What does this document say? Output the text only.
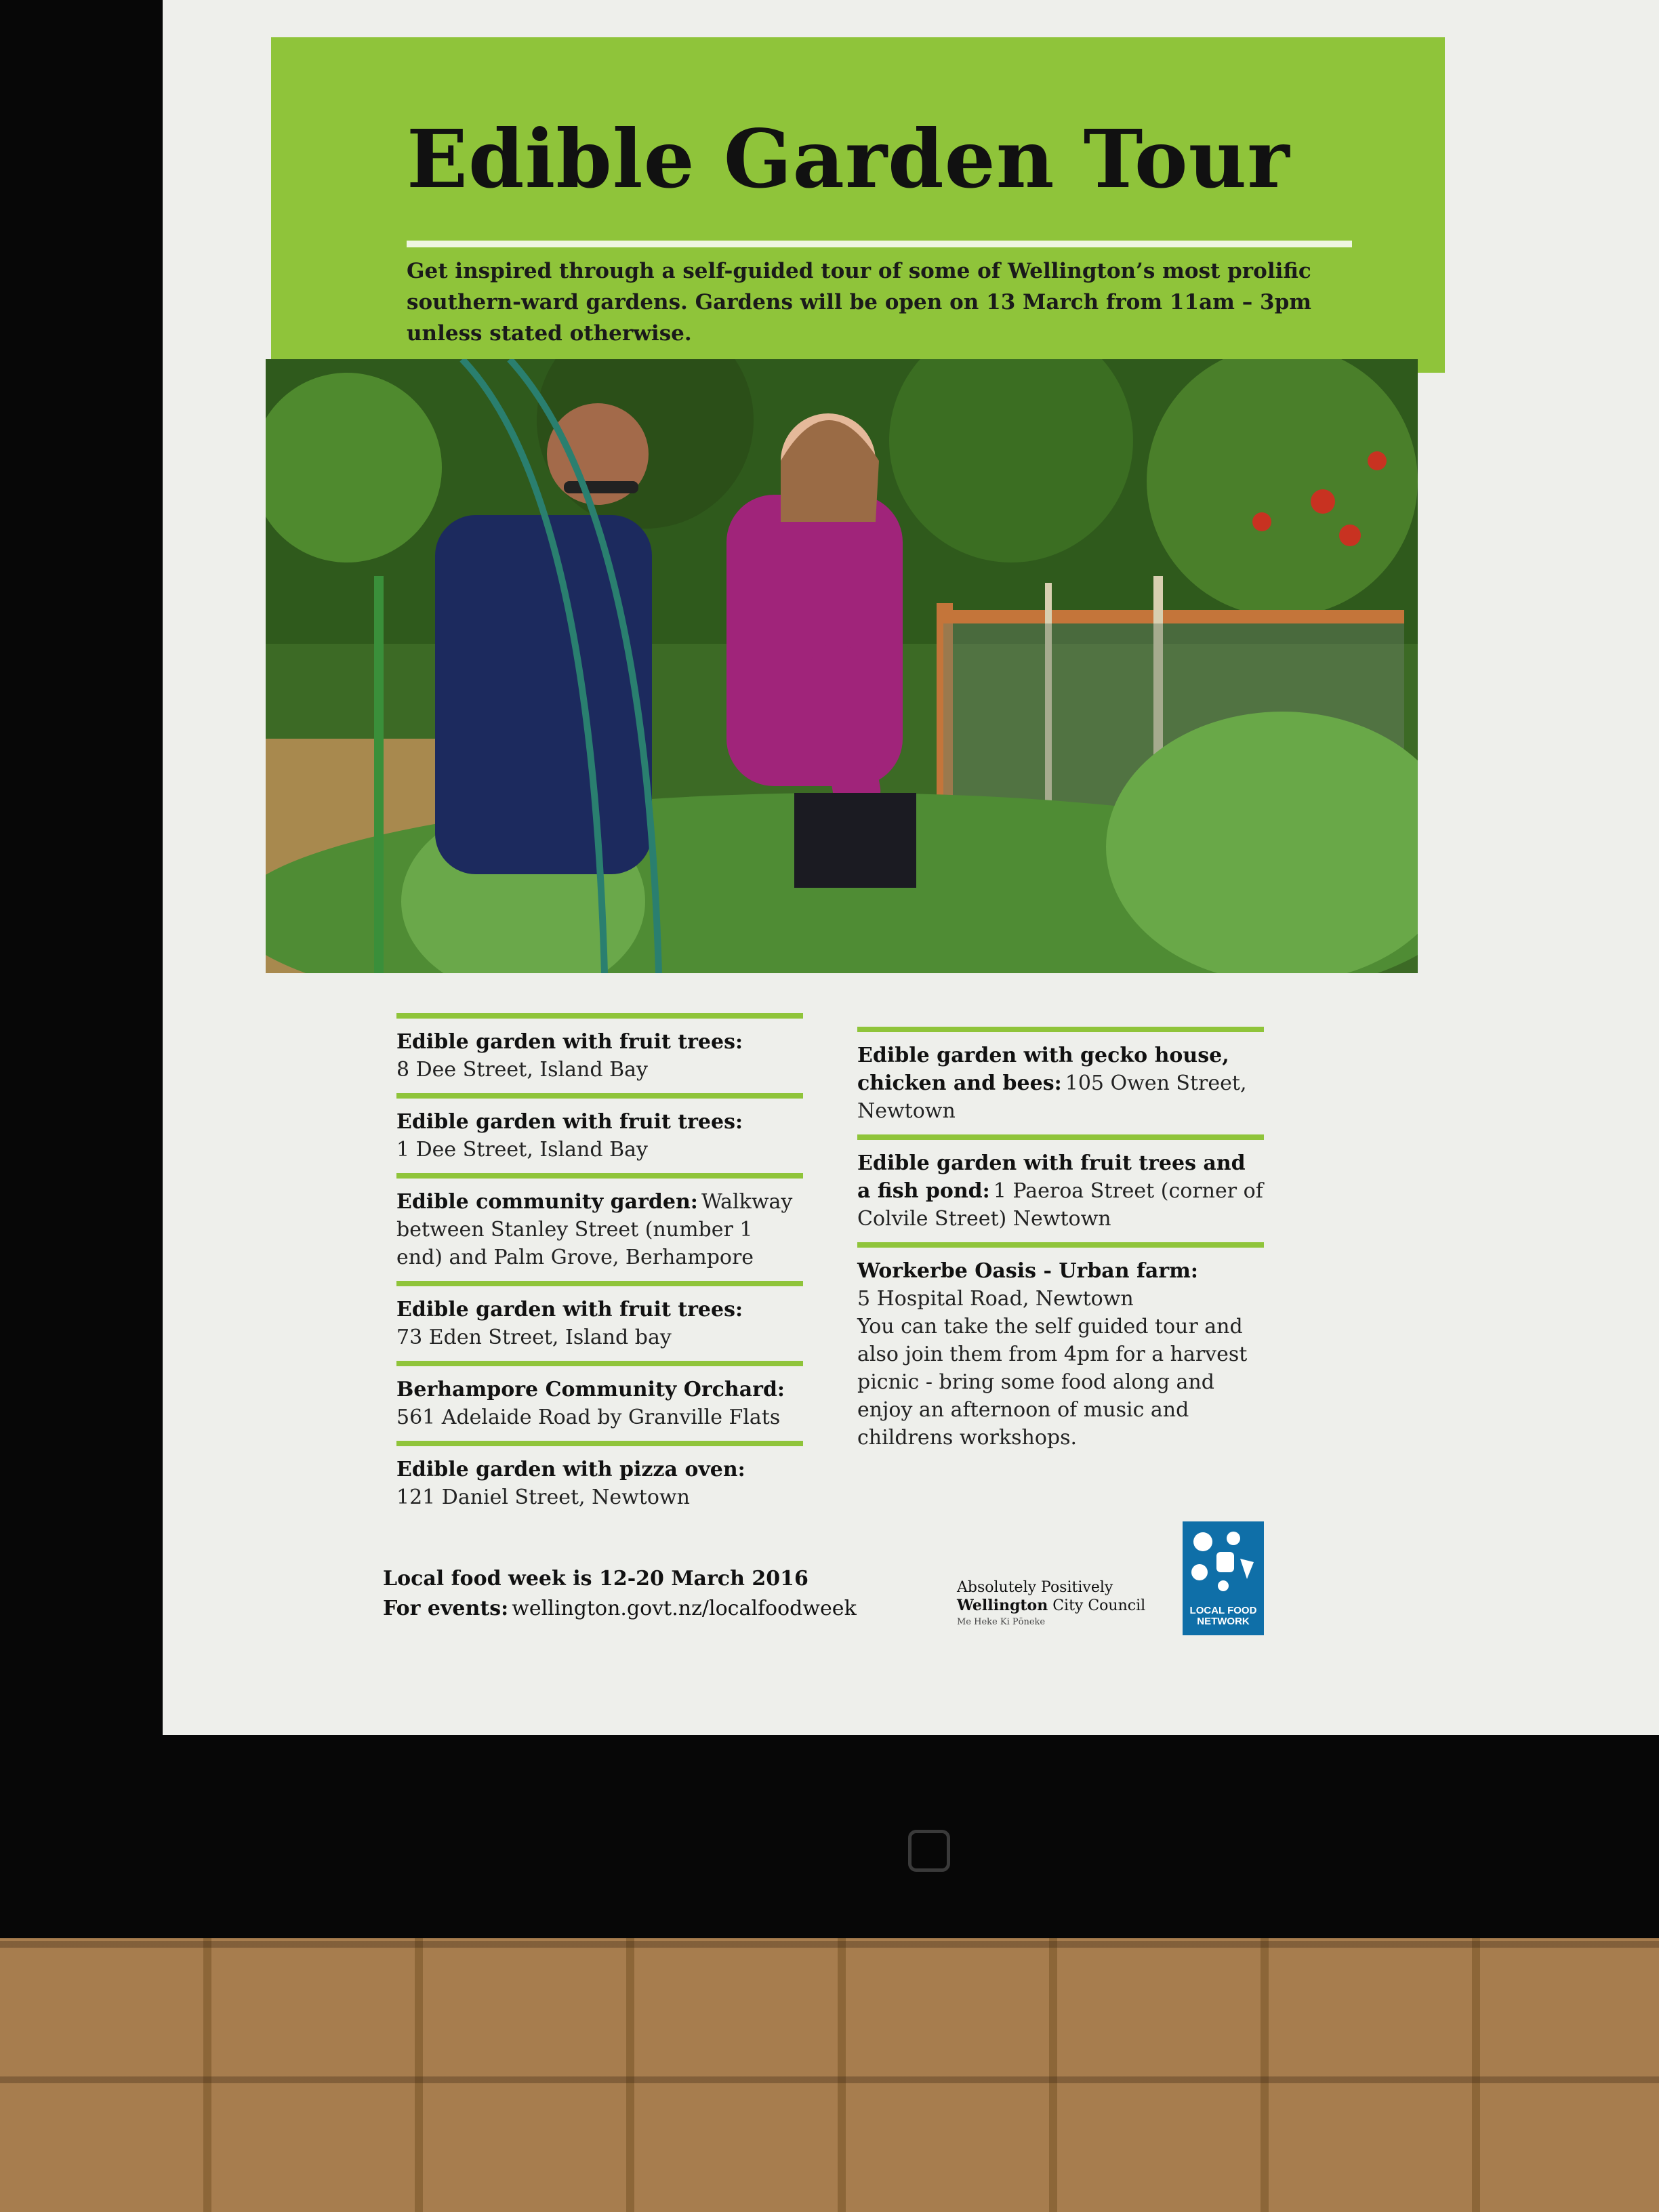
Edible Garden Tour

Get inspired through a self-guided tour of some of Wellington’s most prolific southern-ward gardens. Gardens will be open on 13 March from 11am – 3pm unless stated otherwise.

Edible garden with fruit trees:
8 Dee Street, Island Bay
Edible garden with fruit trees:
1 Dee Street, Island Bay
Edible community garden: Walkway between Stanley Street (number 1 end) and Palm Grove, Berhampore
Edible garden with fruit trees:
73 Eden Street, Island bay
Berhampore Community Orchard:
561 Adelaide Road by Granville Flats
Edible garden with pizza oven:
121 Daniel Street, Newtown
Edible garden with gecko house, chicken and bees: 105 Owen Street, Newtown
Edible garden with fruit trees and a fish pond: 1 Paeroa Street (corner of Colvile Street) Newtown
Workerbe Oasis - Urban farm:
5 Hospital Road, Newtown
You can take the self guided tour and also join them from 4pm for a harvest picnic - bring some food along and enjoy an afternoon of music and childrens workshops.
Local food week is 12-20 March 2016
For events: wellington.govt.nz/localfoodweek
Absolutely Positively
Wellington City Council
Me Heke Ki Pōneke
LOCAL FOOD
NETWORK
